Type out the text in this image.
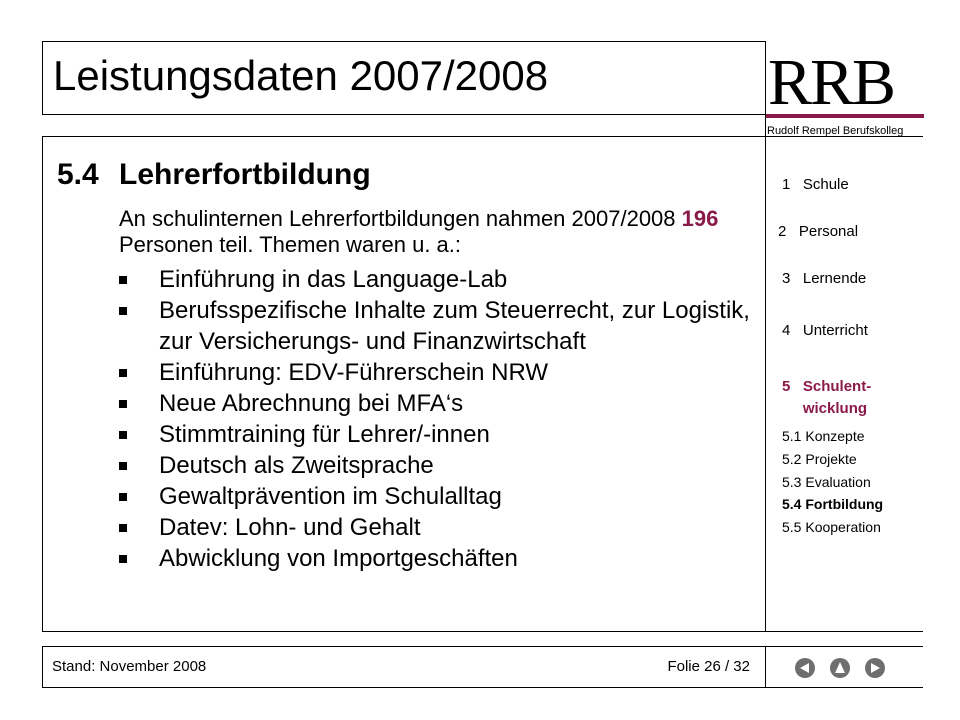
Leistungsdaten 2007/2008	RRB
Rudolf Rempel Berufskolleg
5.4 Lehrerfortbildung
An schulinternen Lehrerfortbildungen nahmen 2007/2008 196 Personen teil. Themen waren u. a.:
Einführung in das Language-Lab
Berufsspezifische Inhalte zum Steuerrecht, zur Logistik, zur Versicherungs- und Finanzwirtschaft
Einführung: EDV-Führerschein NRW
Neue Abrechnung bei MFA‘s
Stimmtraining für Lehrer/-innen
Deutsch als Zweitsprache
Gewaltprävention im Schulalltag
Datev: Lohn- und Gehalt
Abwicklung von Importgeschäften
1 Schule
2 Personal
3 Lernende
4 Unterricht
5 Schulent-
wicklung
5.1 Konzepte
5.2 Projekte
5.3 Evaluation
5.4 Fortbildung
5.5 Kooperation
Stand: November 2008	Folie 26 / 32
